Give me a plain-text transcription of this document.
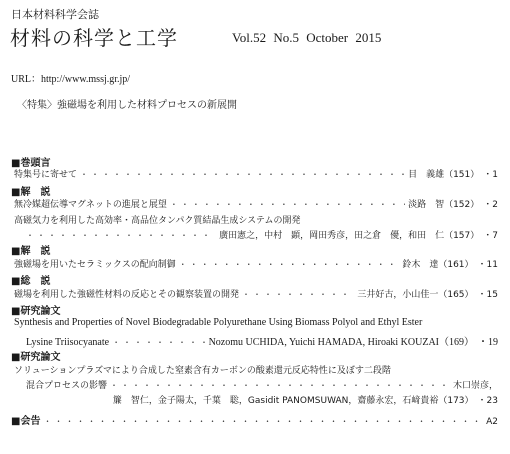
日本材料科学会誌
材料の科学と工学	Vol.52 No.5 October 2015
URL：http://www.mssj.gr.jp/
〈特集〉強磁場を利用した材料プロセスの新展開
■巻頭言
特集号に寄せて ・・・・・・・・・・・・・・・・・・・・・・・・・・・・・・・・・・・・・・・・・・・・・・・・・・・・・・・・・・・・・・・・・・・・・・・・・・・・・・	目　義雄（151） ・1
■解　説
無冷媒超伝導マグネットの進展と展望 ・・・・・・・・・・・・・・・・・・・・・・・・・・・・・・・・・・・・・・・・・・・・・・・・・・・・・・・・・・・・・・・・・・・・・・・・・・・・・・	淡路　智（152） ・2
高磁気力を利用した高効率・高品位タンパク質結晶生成システムの開発
・・・・・・・・・・・・・・・・・・・・・・・・・・・・・・・・・・・・・・・・・・・・・・・・・・・・・・・・・・・・・・・・・・・・・・・・・・・・・・
廣田憲之，中村　顕，岡田秀彦，田之倉　優，和田　仁（157） ・7
■解　説
強磁場を用いたセラミックスの配向制御 ・・・・・・・・・・・・・・・・・・・・・・・・・・・・・・・・・・・・・・・・・・・・・・・・・・・・・・・・・・・・・・・・・・・・・・・・・・・・・・	鈴木　達（161） ・11
■総　説
磁場を利用した強磁性材料の反応とその観察装置の開発 ・・・・・・・・・・・・・・・・・・・・・・・・・・・・・・・・・・・・・・・・・・・・・・・・・・・・・・・・・・・・・・・・・・・・・・・・・・・・・・	三井好古，小山佳一（165） ・15
■研究論文
Synthesis and Properties of Novel Biodegradable Polyurethane Using Biomass Polyol and Ethyl Ester
Lysine Triisocyanate ・・・・・・・・・・・・・・・・・・・・・・・・・・・・・・・・・・・・・・・・・・・・・・・・・・・・・・・・・・・・・・・・・・・・・・・・・・・・・・	Nozomu UCHIDA, Yuichi HAMADA, Hiroaki KOUZAI（169） ・19
■研究論文
ソリューションプラズマにより合成した窒素含有カーボンの酸素還元反応特性に及ぼす二段階
混合プロセスの影響 ・・・・・・・・・・・・・・・・・・・・・・・・・・・・・・・・・・・・・・・・・・・・・・・・・・・・・・・・・・・・・・・・・・・・・・・・・・・・・・	木口崇彦，
簾　智仁，金子陽太，千葉　聡，Gasidit PANOMSUWAN，齋藤永宏，石﨑貴裕（173） ・23
■会告 ・・・・・・・・・・・・・・・・・・・・・・・・・・・・・・・・・・・・・・・・・・・・・・・・・・・・・・・・・・・・・・・・・・・・・・・・・・・・・・	A2
